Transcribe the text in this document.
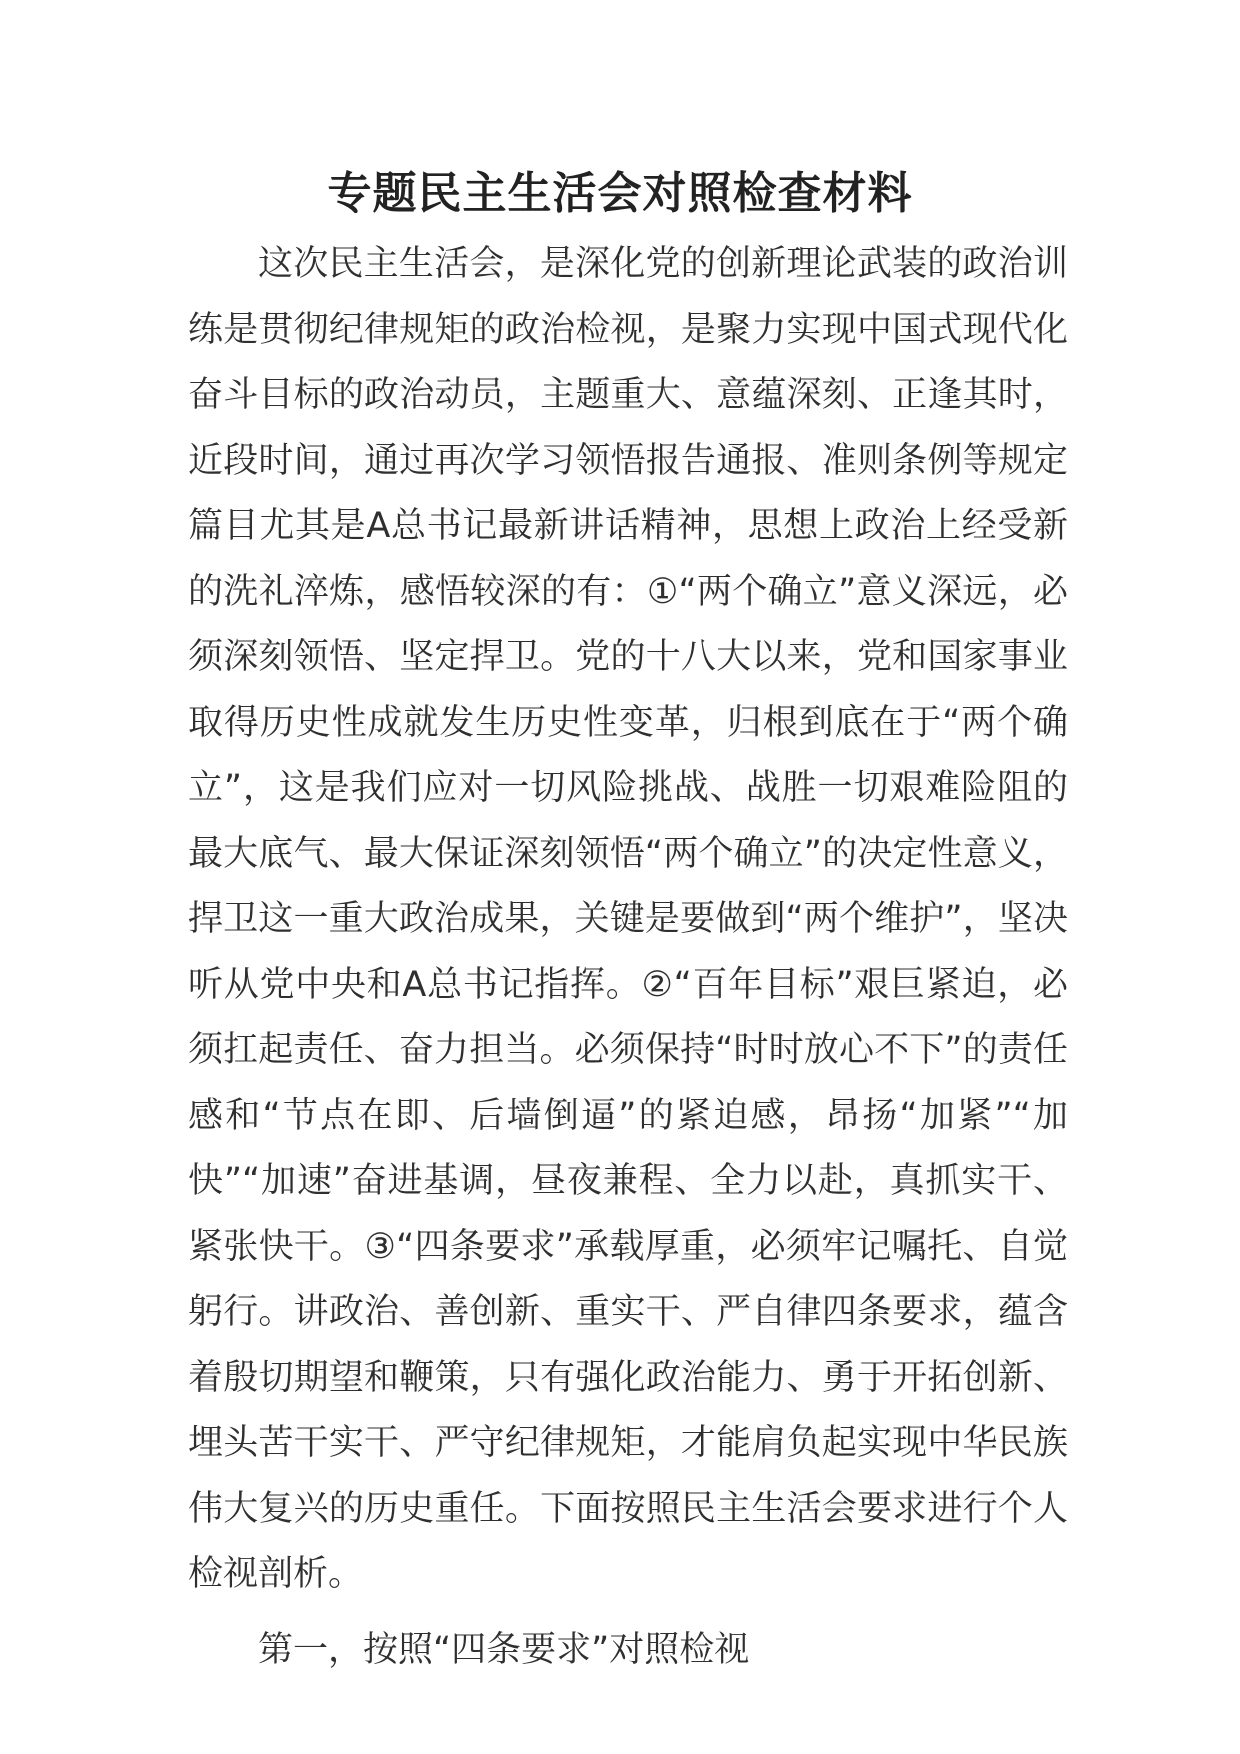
专题民主生活会对照检查材料

这次民主生活会，是深化党的创新理论武装的政治训练是贯彻纪律规矩的政治检视，是聚力实现中国式现代化奋斗目标的政治动员，主题重大、意蕴深刻、正逢其时，近段时间，通过再次学习领悟报告通报、准则条例等规定篇目尤其是A总书记最新讲话精神，思想上政治上经受新的洗礼淬炼，感悟较深的有：①“两个确立”意义深远，必须深刻领悟、坚定捍卫。党的十八大以来，党和国家事业取得历史性成就发生历史性变革，归根到底在于“两个确立”，这是我们应对一切风险挑战、战胜一切艰难险阻的最大底气、最大保证深刻领悟“两个确立”的决定性意义，捍卫这一重大政治成果，关键是要做到“两个维护”，坚决听从党中央和A总书记指挥。②“百年目标”艰巨紧迫，必须扛起责任、奋力担当。必须保持“时时放心不下”的责任感和“节点在即、后墙倒逼”的紧迫感，昂扬“加紧”“加快”“加速”奋进基调，昼夜兼程、全力以赴，真抓实干、紧张快干。③“四条要求”承载厚重，必须牢记嘱托、自觉躬行。讲政治、善创新、重实干、严自律四条要求，蕴含着殷切期望和鞭策，只有强化政治能力、勇于开拓创新、埋头苦干实干、严守纪律规矩，才能肩负起实现中华民族伟大复兴的历史重任。下面按照民主生活会要求进行个人检视剖析。

第一，按照“四条要求”对照检视
